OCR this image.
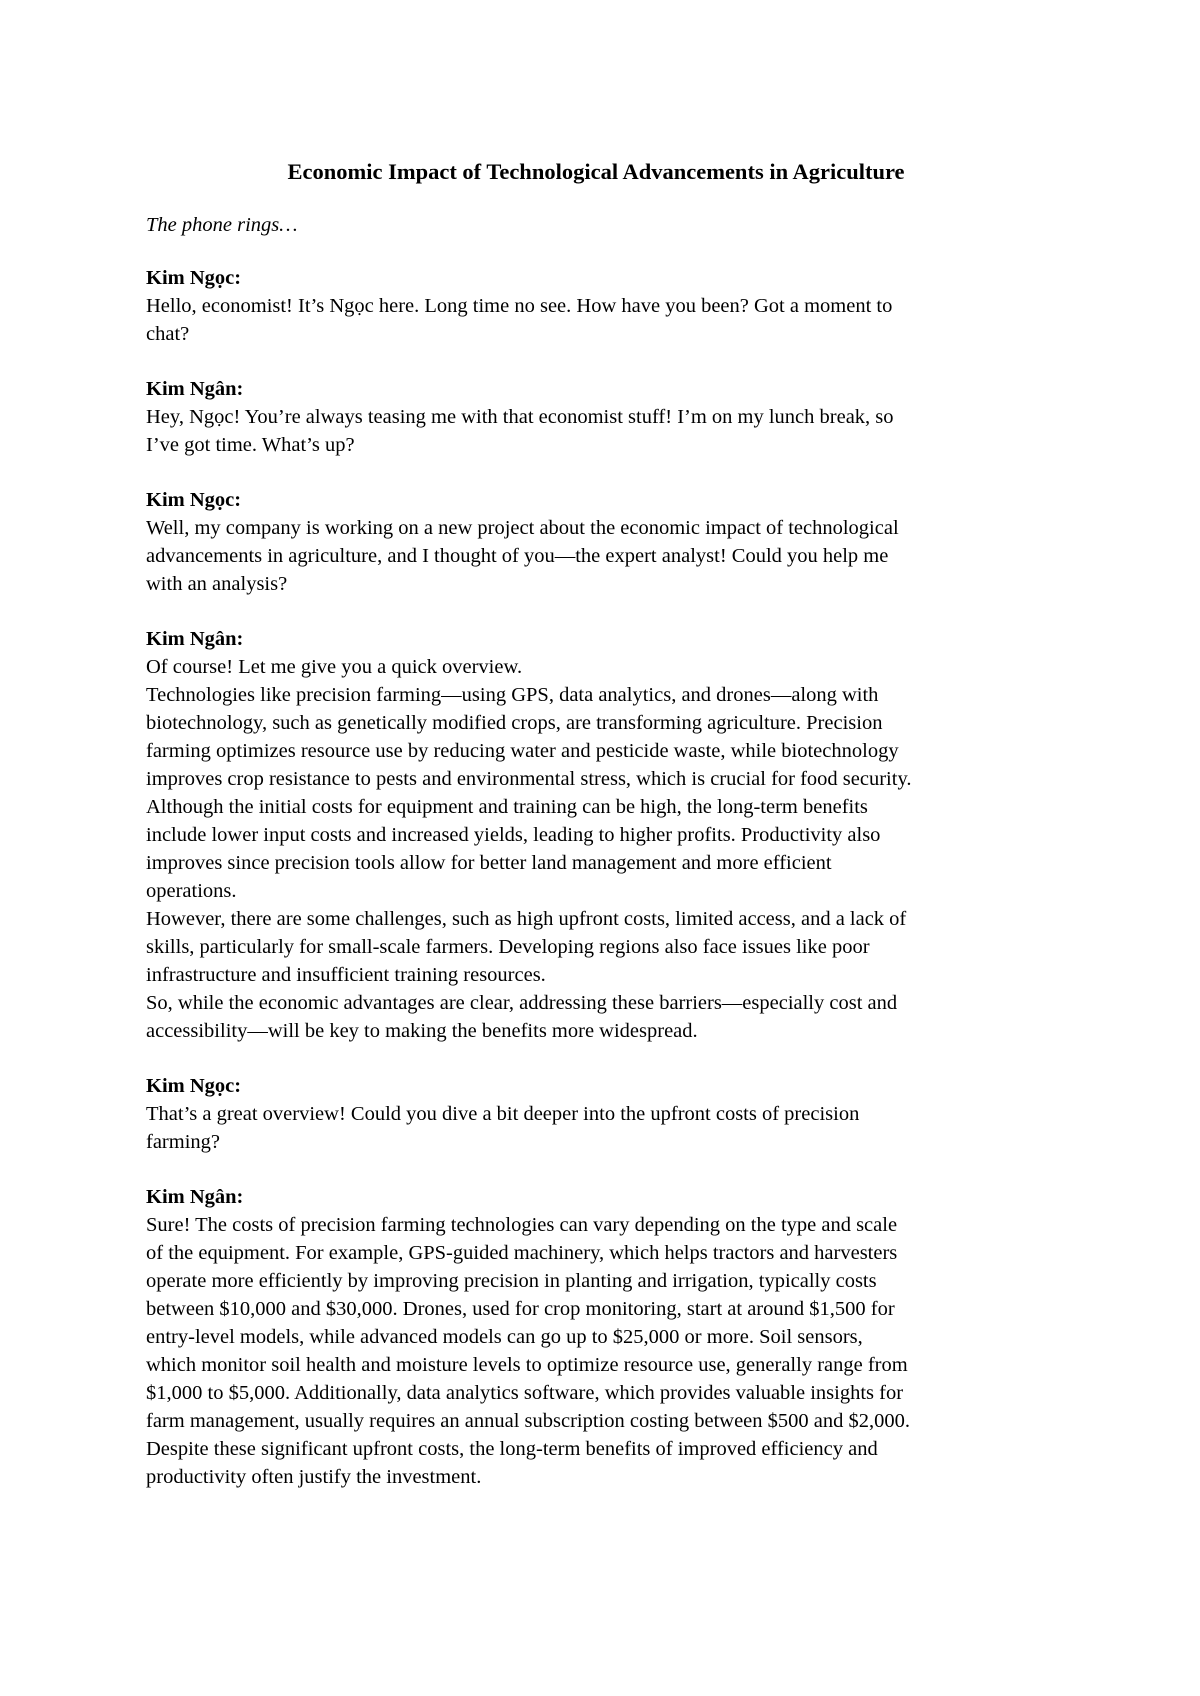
Economic Impact of Technological Advancements in Agriculture
The phone rings…
Kim Ngọc:
Hello, economist! It’s Ngọc here. Long time no see. How have you been? Got a moment to
chat?
Kim Ngân:
Hey, Ngọc! You’re always teasing me with that economist stuff! I’m on my lunch break, so
I’ve got time. What’s up?
Kim Ngọc:
Well, my company is working on a new project about the economic impact of technological
advancements in agriculture, and I thought of you—the expert analyst! Could you help me
with an analysis?
Kim Ngân:
Of course! Let me give you a quick overview.
Technologies like precision farming—using GPS, data analytics, and drones—along with
biotechnology, such as genetically modified crops, are transforming agriculture. Precision
farming optimizes resource use by reducing water and pesticide waste, while biotechnology
improves crop resistance to pests and environmental stress, which is crucial for food security.
Although the initial costs for equipment and training can be high, the long-term benefits
include lower input costs and increased yields, leading to higher profits. Productivity also
improves since precision tools allow for better land management and more efficient
operations.
However, there are some challenges, such as high upfront costs, limited access, and a lack of
skills, particularly for small-scale farmers. Developing regions also face issues like poor
infrastructure and insufficient training resources.
So, while the economic advantages are clear, addressing these barriers—especially cost and
accessibility—will be key to making the benefits more widespread.
Kim Ngọc:
That’s a great overview! Could you dive a bit deeper into the upfront costs of precision
farming?
Kim Ngân:
Sure! The costs of precision farming technologies can vary depending on the type and scale
of the equipment. For example, GPS-guided machinery, which helps tractors and harvesters
operate more efficiently by improving precision in planting and irrigation, typically costs
between $10,000 and $30,000. Drones, used for crop monitoring, start at around $1,500 for
entry-level models, while advanced models can go up to $25,000 or more. Soil sensors,
which monitor soil health and moisture levels to optimize resource use, generally range from
$1,000 to $5,000. Additionally, data analytics software, which provides valuable insights for
farm management, usually requires an annual subscription costing between $500 and $2,000.
Despite these significant upfront costs, the long-term benefits of improved efficiency and
productivity often justify the investment.
